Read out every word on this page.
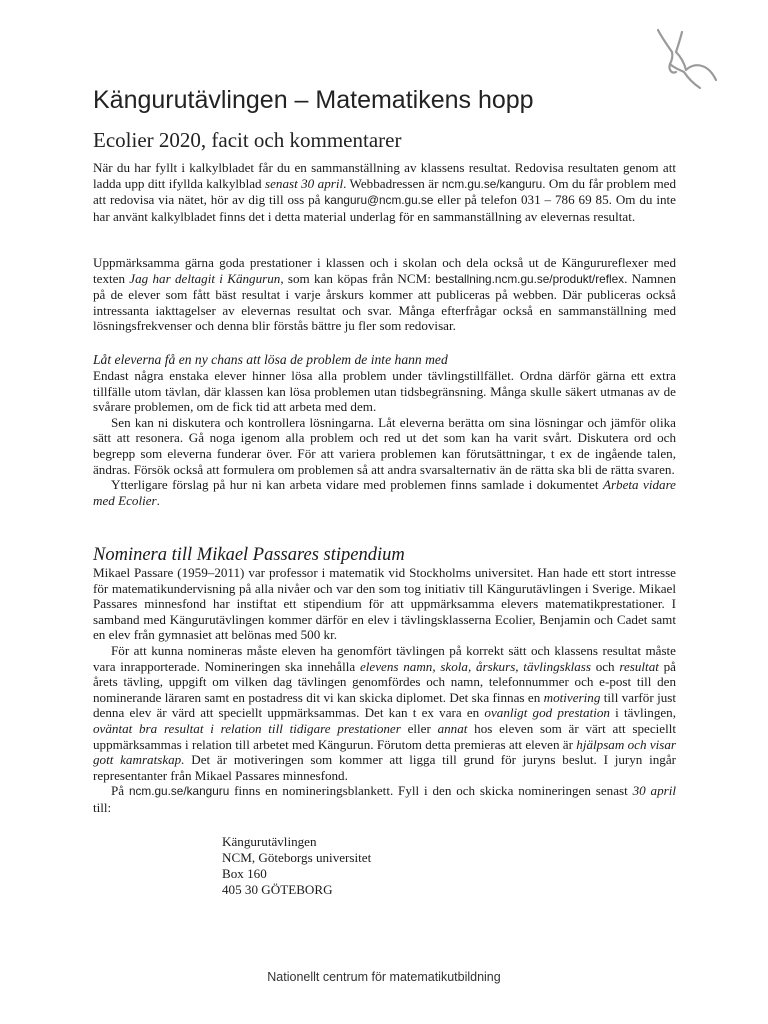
Kängurutävlingen – Matematikens hopp
Ecolier 2020, facit och kommentarer

När du har fyllt i kalkylbladet får du en sammanställning av klassens resultat. Redovisa resultaten genom att ladda upp ditt ifyllda kalkylblad senast 30 april. Webbadressen är ncm.gu.se/kanguru. Om du får problem med att redovisa via nätet, hör av dig till oss på kanguru@ncm.gu.se eller på telefon 031 – 786 69 85. Om du inte har använt kalkylbladet finns det i detta material underlag för en sammanställning av elevernas resultat.

Uppmärksamma gärna goda prestationer i klassen och i skolan och dela också ut de Kängurureflexer med texten Jag har deltagit i Kängurun, som kan köpas från NCM: bestallning.ncm.gu.se/produkt/reflex. Namnen på de elever som fått bäst resultat i varje årskurs kommer att publiceras på webben. Där publiceras också intressanta iakttagelser av elevernas resultat och svar. Många efterfrågar också en sammanställning med lösningsfrekvenser och denna blir förstås bättre ju fler som redovisar.

Låt eleverna få en ny chans att lösa de problem de inte hann med

Endast några enstaka elever hinner lösa alla problem under tävlingstillfället. Ordna därför gärna ett extra tillfälle utom tävlan, där klassen kan lösa problemen utan tidsbegränsning. Många skulle säkert utmanas av de svårare problemen, om de fick tid att arbeta med dem.

Sen kan ni diskutera och kontrollera lösningarna. Låt eleverna berätta om sina lösningar och jämför olika sätt att resonera. Gå noga igenom alla problem och red ut det som kan ha varit svårt. Diskutera ord och begrepp som eleverna funderar över. För att variera problemen kan förutsättningar, t ex de ingående talen, ändras. Försök också att formulera om problemen så att andra svarsalternativ än de rätta ska bli de rätta svaren.

Ytterligare förslag på hur ni kan arbeta vidare med problemen finns samlade i dokumentet Arbeta vidare med Ecolier.

Nominera till Mikael Passares stipendium

Mikael Passare (1959–2011) var professor i matematik vid Stockholms universitet. Han hade ett stort intresse för matematikundervisning på alla nivåer och var den som tog initiativ till Kängurutävlingen i Sverige. Mikael Passares minnesfond har instiftat ett stipendium för att uppmärksamma elevers matematikprestationer. I samband med Kängurutävlingen kommer därför en elev i tävlingsklasserna Ecolier, Benjamin och Cadet samt en elev från gymnasiet att belönas med 500 kr.

För att kunna nomineras måste eleven ha genomfört tävlingen på korrekt sätt och klassens resultat måste vara inrapporterade. Nomineringen ska innehålla elevens namn, skola, årskurs, tävlingsklass och resultat på årets tävling, uppgift om vilken dag tävlingen genomfördes och namn, telefonnummer och e-post till den nominerande läraren samt en postadress dit vi kan skicka diplomet. Det ska finnas en motivering till varför just denna elev är värd att speciellt uppmärksammas. Det kan t ex vara en ovanligt god prestation i tävlingen, oväntat bra resultat i relation till tidigare prestationer eller annat hos eleven som är värt att speciellt uppmärksammas i relation till arbetet med Kängurun. Förutom detta premieras att eleven är hjälpsam och visar gott kamratskap. Det är motiveringen som kommer att ligga till grund för juryns beslut. I juryn ingår representanter från Mikael Passares minnesfond.

På ncm.gu.se/kanguru finns en nomineringsblankett. Fyll i den och skicka nomineringen senast 30 april till:

Kängurutävlingen
NCM, Göteborgs universitet
Box 160
405 30 GÖTEBORG
Nationellt centrum för matematikutbildning
